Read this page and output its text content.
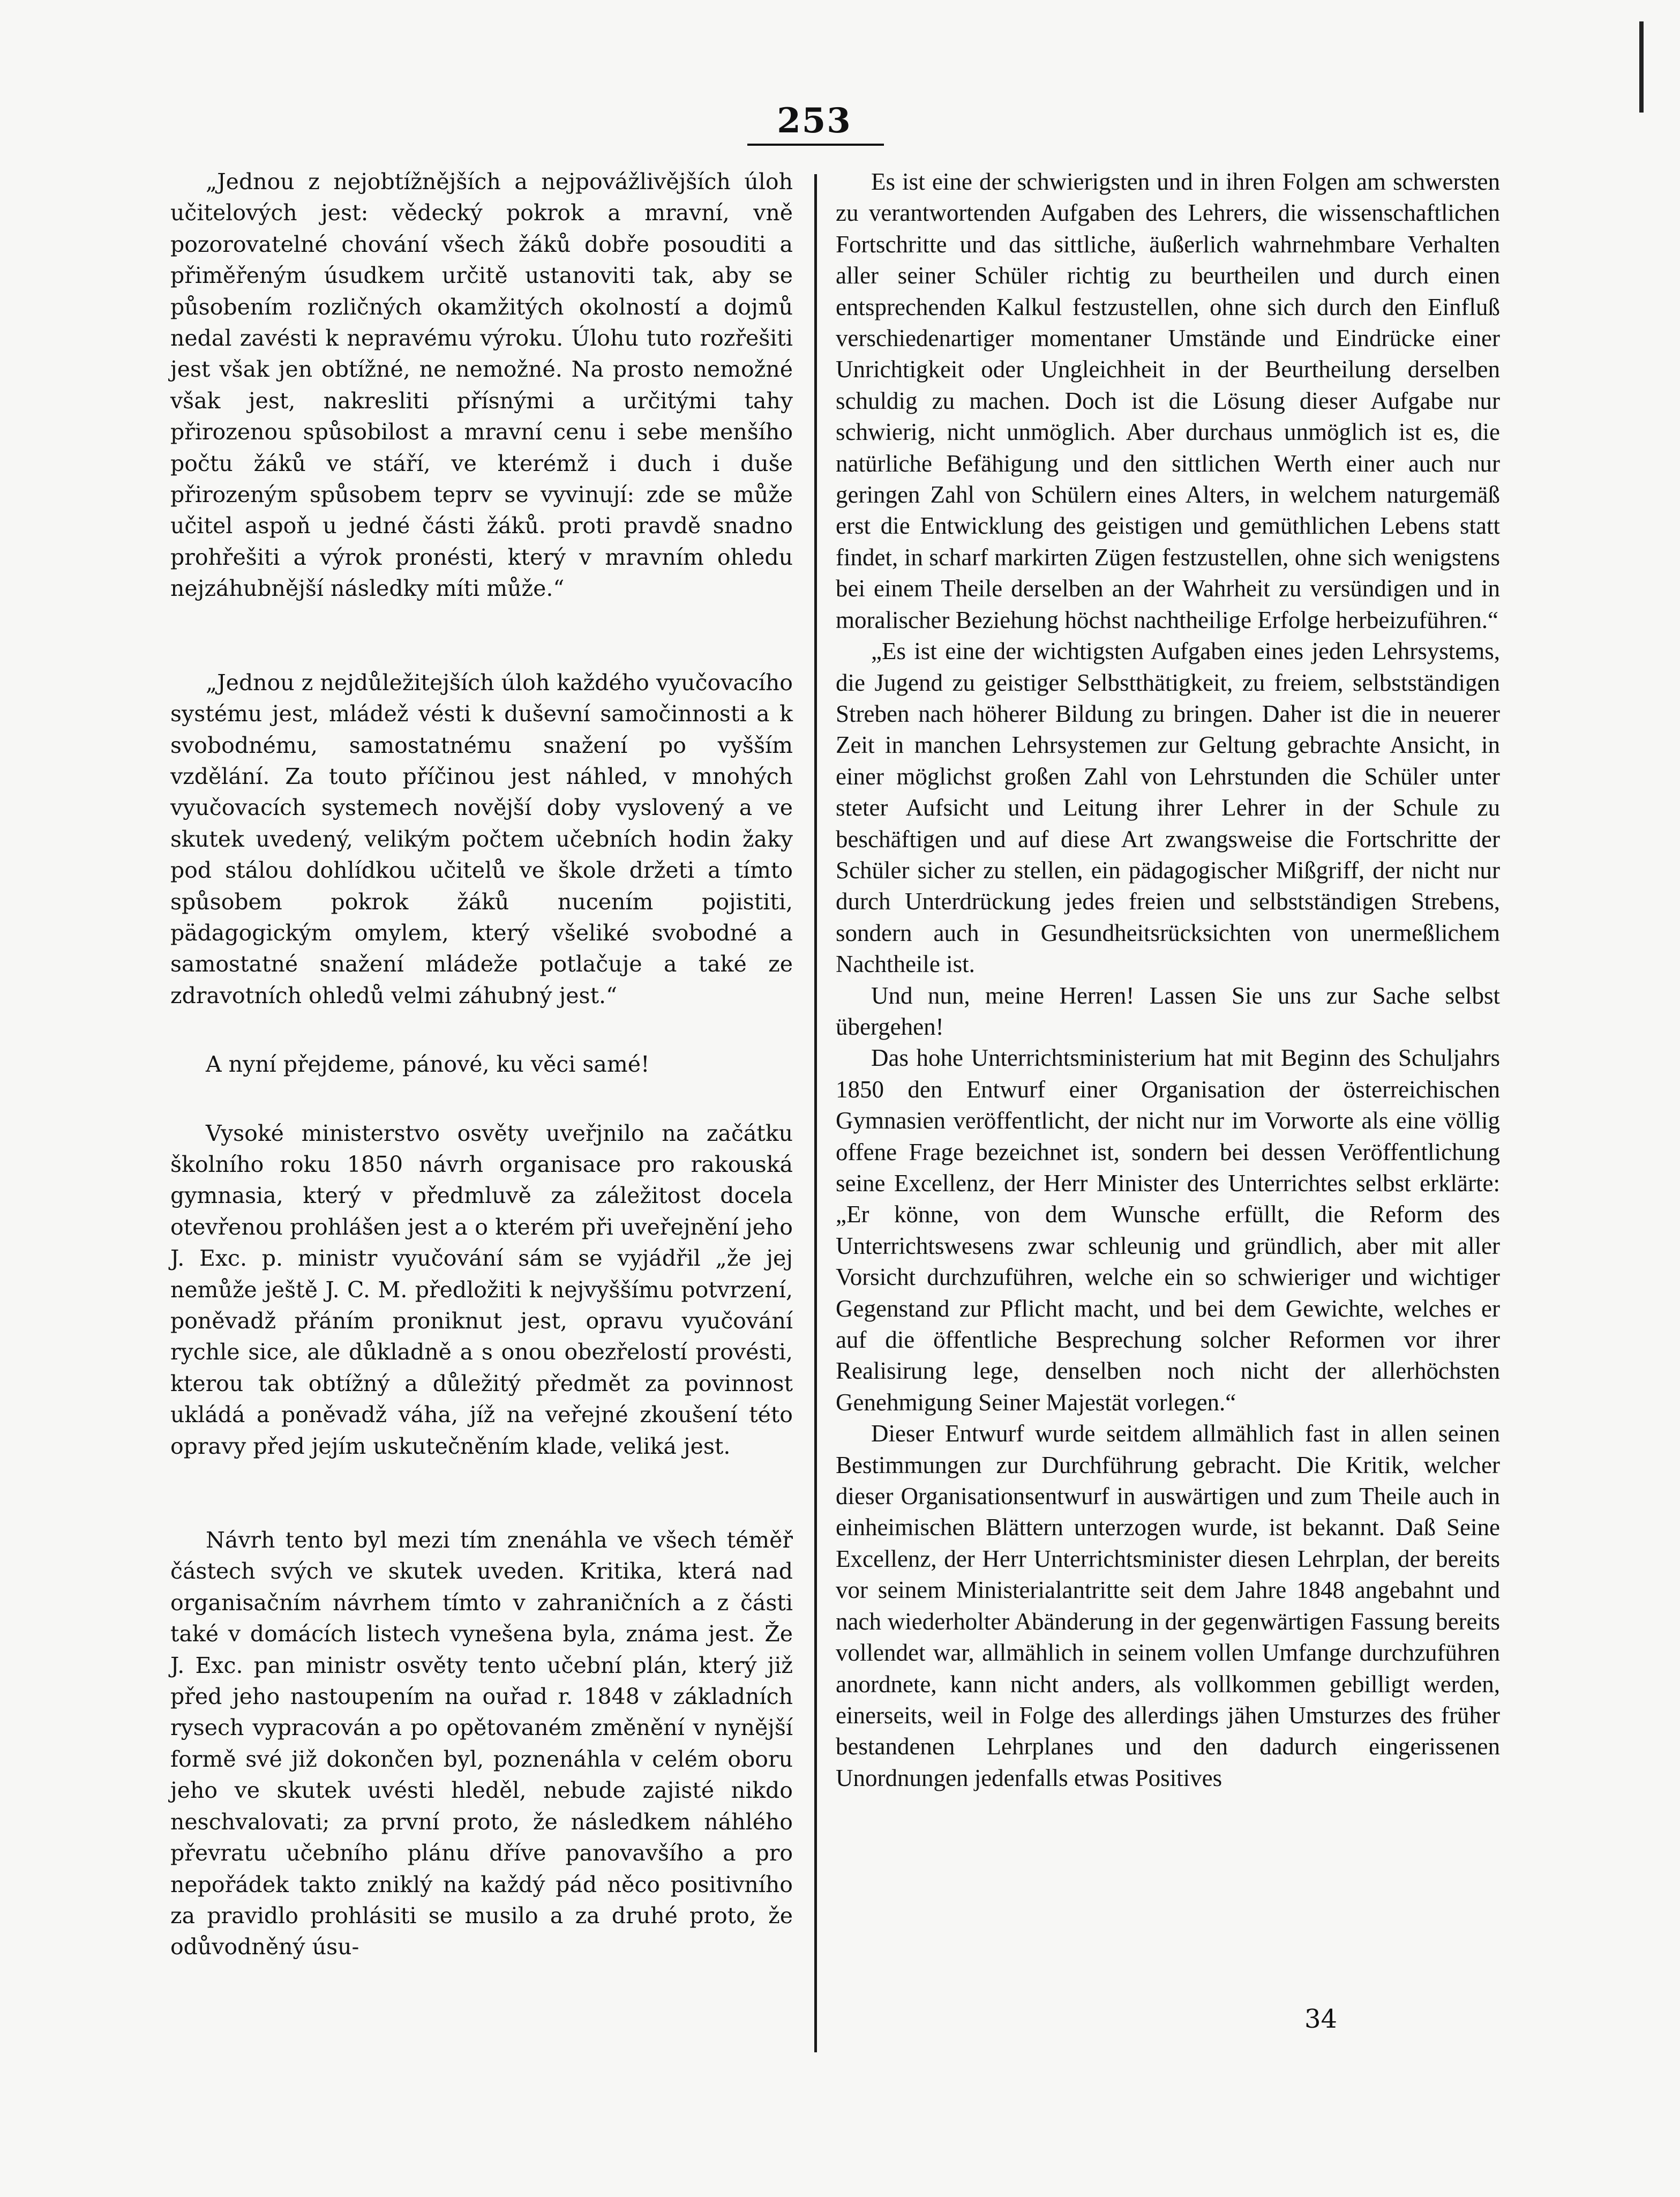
253

„Jednou z nejobtížnějších a nejpovážlivějších úloh učitelových jest: vědecký pokrok a mravní, vně pozorovatelné chování všech žáků dobře posouditi a přiměřeným úsudkem určitě ustanoviti tak, aby se působením rozličných okamžitých okolností a dojmů nedal zavésti k nepravému výroku. Úlohu tuto rozřešiti jest však jen obtížné, ne nemožné. Na prosto nemožné však jest, nakresliti přísnými a určitými tahy přirozenou spůsobilost a mravní cenu i sebe menšího počtu žáků ve stáří, ve kterémž i duch i duše přirozeným spůsobem teprv se vyvinují: zde se může učitel aspoň u jedné části žáků. proti pravdě snadno prohřešiti a výrok pronésti, který v mravním ohledu nejzáhubnější následky míti může.“

„Jednou z nejdůležitejších úloh každého vyučovacího systému jest, mládež vésti k duševní samočinnosti a k svobodnému, samostatnému snažení po vyšším vzdělání. Za touto příčinou jest náhled, v mnohých vyučovacích systemech novější doby vyslovený a ve skutek uvedený, velikým počtem učebních hodin žaky pod stálou dohlídkou učitelů ve škole držeti a tímto spůsobem pokrok žáků nucením pojistiti, pädagogickým omylem, který všeliké svobodné a samostatné snažení mládeže potlačuje a také ze zdravotních ohledů velmi záhubný jest.“

A nyní přejdeme, pánové, ku věci samé!

Vysoké ministerstvo osvěty uveřjnilo na začátku školního roku 1850 návrh organisace pro rakouská gymnasia, který v předmluvě za záležitost docela otevřenou prohlášen jest a o kterém při uveřejnění jeho J. Exc. p. ministr vyučování sám se vyjádřil „že jej nemůže ještě J. C. M. předložiti k nejvyššímu potvrzení, poněvadž přáním proniknut jest, opravu vyučování rychle sice, ale důkladně a s onou obezřelostí provésti, kterou tak obtížný a důležitý předmět za povinnost ukládá a poněvadž váha, jíž na veřejné zkoušení této opravy před jejím uskutečněním klade, veliká jest.

Návrh tento byl mezi tím znenáhla ve všech téměř částech svých ve skutek uveden. Kritika, která nad organisačním návrhem tímto v zahraničních a z části také v domácích listech vynešena byla, známa jest. Že J. Exc. pan ministr osvěty tento učební plán, který již před jeho nastoupením na ouřad r. 1848 v základních rysech vypracován a po opětovaném změnění v nynější formě své již dokončen byl, poznenáhla v celém oboru jeho ve skutek uvésti hleděl, nebude zajisté nikdo neschvalovati; za první proto, že následkem náhlého převratu učebního plánu dříve panovavšího a pro nepořádek takto zniklý na každý pád něco positivního za pravidlo prohlásiti se musilo a za druhé proto, že odůvodněný úsu-

Es ist eine der schwierigsten und in ihren Folgen am schwersten zu verantwortenden Aufgaben des Lehrers, die wissenschaftlichen Fortschritte und das sittliche, äußerlich wahrnehmbare Verhalten aller seiner Schüler richtig zu beurtheilen und durch einen entsprechenden Kalkul festzustellen, ohne sich durch den Einfluß verschiedenartiger momentaner Umstände und Eindrücke einer Unrichtigkeit oder Ungleichheit in der Beurtheilung derselben schuldig zu machen. Doch ist die Lösung dieser Aufgabe nur schwierig, nicht unmöglich. Aber durchaus unmöglich ist es, die natürliche Befähigung und den sittlichen Werth einer auch nur geringen Zahl von Schülern eines Alters, in welchem naturgemäß erst die Entwicklung des geistigen und gemüthlichen Lebens statt findet, in scharf markirten Zügen festzustellen, ohne sich wenigstens bei einem Theile derselben an der Wahrheit zu versündigen und in moralischer Beziehung höchst nachtheilige Erfolge herbeizuführen.“

„Es ist eine der wichtigsten Aufgaben eines jeden Lehrsystems, die Jugend zu geistiger Selbstthätigkeit, zu freiem, selbstständigen Streben nach höherer Bildung zu bringen. Daher ist die in neuerer Zeit in manchen Lehrsystemen zur Geltung gebrachte Ansicht, in einer möglichst großen Zahl von Lehrstunden die Schüler unter steter Aufsicht und Leitung ihrer Lehrer in der Schule zu beschäftigen und auf diese Art zwangsweise die Fortschritte der Schüler sicher zu stellen, ein pädagogischer Mißgriff, der nicht nur durch Unterdrückung jedes freien und selbstständigen Strebens, sondern auch in Gesundheitsrücksichten von unermeßlichem Nachtheile ist.

Und nun, meine Herren! Lassen Sie uns zur Sache selbst übergehen!

Das hohe Unterrichtsministerium hat mit Beginn des Schuljahrs 1850 den Entwurf einer Organisation der österreichischen Gymnasien veröffentlicht, der nicht nur im Vorworte als eine völlig offene Frage bezeichnet ist, sondern bei dessen Veröffentlichung seine Excellenz, der Herr Minister des Unterrichtes selbst erklärte: „Er könne, von dem Wunsche erfüllt, die Reform des Unterrichtswesens zwar schleunig und gründlich, aber mit aller Vorsicht durchzuführen, welche ein so schwieriger und wichtiger Gegenstand zur Pflicht macht, und bei dem Gewichte, welches er auf die öffentliche Besprechung solcher Reformen vor ihrer Realisirung lege, denselben noch nicht der allerhöchsten Genehmigung Seiner Majestät vorlegen.“

Dieser Entwurf wurde seitdem allmählich fast in allen seinen Bestimmungen zur Durchführung gebracht. Die Kritik, welcher dieser Organisationsentwurf in auswärtigen und zum Theile auch in einheimischen Blättern unterzogen wurde, ist bekannt. Daß Seine Excellenz, der Herr Unterrichtsminister diesen Lehrplan, der bereits vor seinem Ministerialantritte seit dem Jahre 1848 angebahnt und nach wiederholter Abänderung in der gegenwärtigen Fassung bereits vollendet war, allmählich in seinem vollen Umfange durchzuführen anordnete, kann nicht anders, als vollkommen gebilligt werden, einerseits, weil in Folge des allerdings jähen Umsturzes des früher bestandenen Lehrplanes und den dadurch eingerissenen Unordnungen jedenfalls etwas Positives

34
